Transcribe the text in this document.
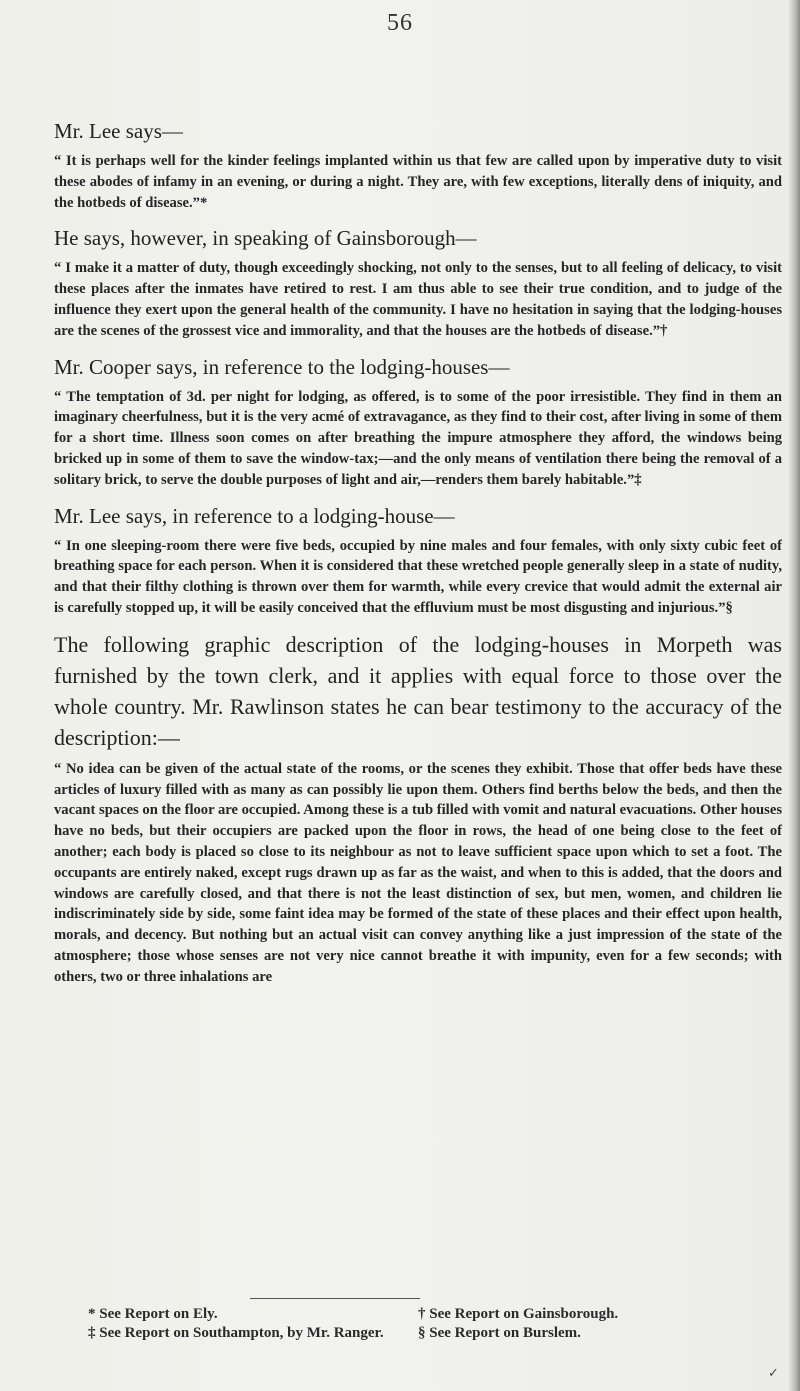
56
Mr. Lee says—
“ It is perhaps well for the kinder feelings implanted within us that few are called upon by imperative duty to visit these abodes of infamy in an evening, or during a night. They are, with few exceptions, literally dens of iniquity, and the hotbeds of disease.”*
He says, however, in speaking of Gainsborough—
“ I make it a matter of duty, though exceedingly shocking, not only to the senses, but to all feeling of delicacy, to visit these places after the inmates have retired to rest. I am thus able to see their true condition, and to judge of the influence they exert upon the general health of the community. I have no hesitation in saying that the lodging-houses are the scenes of the grossest vice and immorality, and that the houses are the hotbeds of disease.”†
Mr. Cooper says, in reference to the lodging-houses—
“ The temptation of 3d. per night for lodging, as offered, is to some of the poor irresistible. They find in them an imaginary cheerfulness, but it is the very acmé of extravagance, as they find to their cost, after living in some of them for a short time. Illness soon comes on after breathing the impure atmosphere they afford, the windows being bricked up in some of them to save the window-tax;—and the only means of ventilation there being the removal of a solitary brick, to serve the double purposes of light and air,—renders them barely habitable.”‡
Mr. Lee says, in reference to a lodging-house—
“ In one sleeping-room there were five beds, occupied by nine males and four females, with only sixty cubic feet of breathing space for each person. When it is considered that these wretched people generally sleep in a state of nudity, and that their filthy clothing is thrown over them for warmth, while every crevice that would admit the external air is carefully stopped up, it will be easily conceived that the effluvium must be most disgusting and injurious.”§
The following graphic description of the lodging-houses in Morpeth was furnished by the town clerk, and it applies with equal force to those over the whole country. Mr. Rawlinson states he can bear testimony to the accuracy of the description:—
“ No idea can be given of the actual state of the rooms, or the scenes they exhibit. Those that offer beds have these articles of luxury filled with as many as can possibly lie upon them. Others find berths below the beds, and then the vacant spaces on the floor are occupied. Among these is a tub filled with vomit and natural evacuations. Other houses have no beds, but their occupiers are packed upon the floor in rows, the head of one being close to the feet of another; each body is placed so close to its neighbour as not to leave sufficient space upon which to set a foot. The occupants are entirely naked, except rugs drawn up as far as the waist, and when to this is added, that the doors and windows are carefully closed, and that there is not the least distinction of sex, but men, women, and children lie indiscriminately side by side, some faint idea may be formed of the state of these places and their effect upon health, morals, and decency. But nothing but an actual visit can convey anything like a just impression of the state of the atmosphere; those whose senses are not very nice cannot breathe it with impunity, even for a few seconds; with others, two or three inhalations are
* See Report on Ely.	† See Report on Gainsborough.
‡ See Report on Southampton, by Mr. Ranger.	§ See Report on Burslem.
✓
